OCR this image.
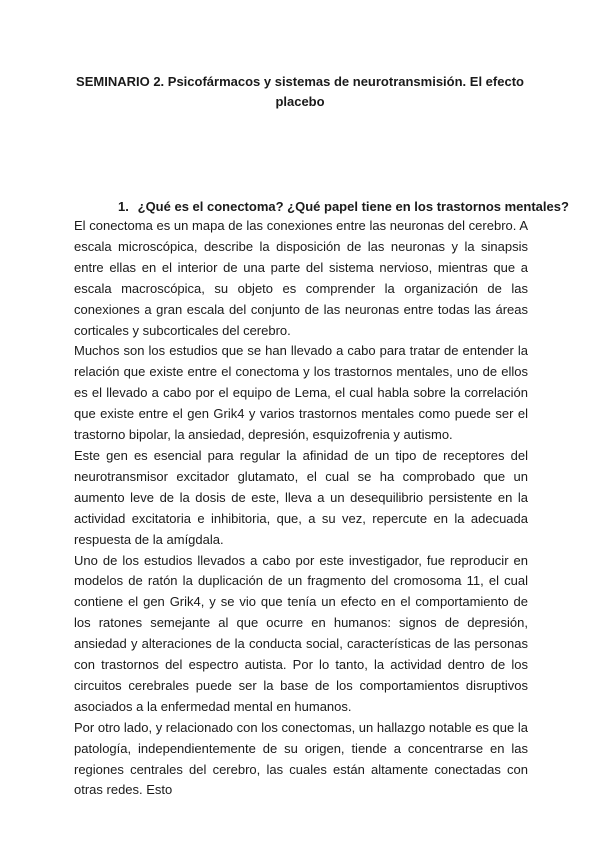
SEMINARIO 2. Psicofármacos y sistemas de neurotransmisión. El efecto placebo
1. ¿Qué es el conectoma? ¿Qué papel tiene en los trastornos mentales?

El conectoma es un mapa de las conexiones entre las neuronas del cerebro. A escala microscópica, describe la disposición de las neuronas y la sinapsis entre ellas en el interior de una parte del sistema nervioso, mientras que a escala macroscópica, su objeto es comprender la organización de las conexiones a gran escala del conjunto de las neuronas entre todas las áreas corticales y subcorticales del cerebro.

Muchos son los estudios que se han llevado a cabo para tratar de entender la relación que existe entre el conectoma y los trastornos mentales, uno de ellos es el llevado a cabo por el equipo de Lema, el cual habla sobre la correlación que existe entre el gen Grik4 y varios trastornos mentales como puede ser el trastorno bipolar, la ansiedad, depresión, esquizofrenia y autismo.

Este gen es esencial para regular la afinidad de un tipo de receptores del neurotransmisor excitador glutamato, el cual se ha comprobado que un aumento leve de la dosis de este, lleva a un desequilibrio persistente en la actividad excitatoria e inhibitoria, que, a su vez, repercute en la adecuada respuesta de la amígdala.

Uno de los estudios llevados a cabo por este investigador, fue reproducir en modelos de ratón la duplicación de un fragmento del cromosoma 11, el cual contiene el gen Grik4, y se vio que tenía un efecto en el comportamiento de los ratones semejante al que ocurre en humanos: signos de depresión, ansiedad y alteraciones de la conducta social, características de las personas con trastornos del espectro autista. Por lo tanto, la actividad dentro de los circuitos cerebrales puede ser la base de los comportamientos disruptivos asociados a la enfermedad mental en humanos.

Por otro lado, y relacionado con los conectomas, un hallazgo notable es que la patología, independientemente de su origen, tiende a concentrarse en las regiones centrales del cerebro, las cuales están altamente conectadas con otras redes. Esto
